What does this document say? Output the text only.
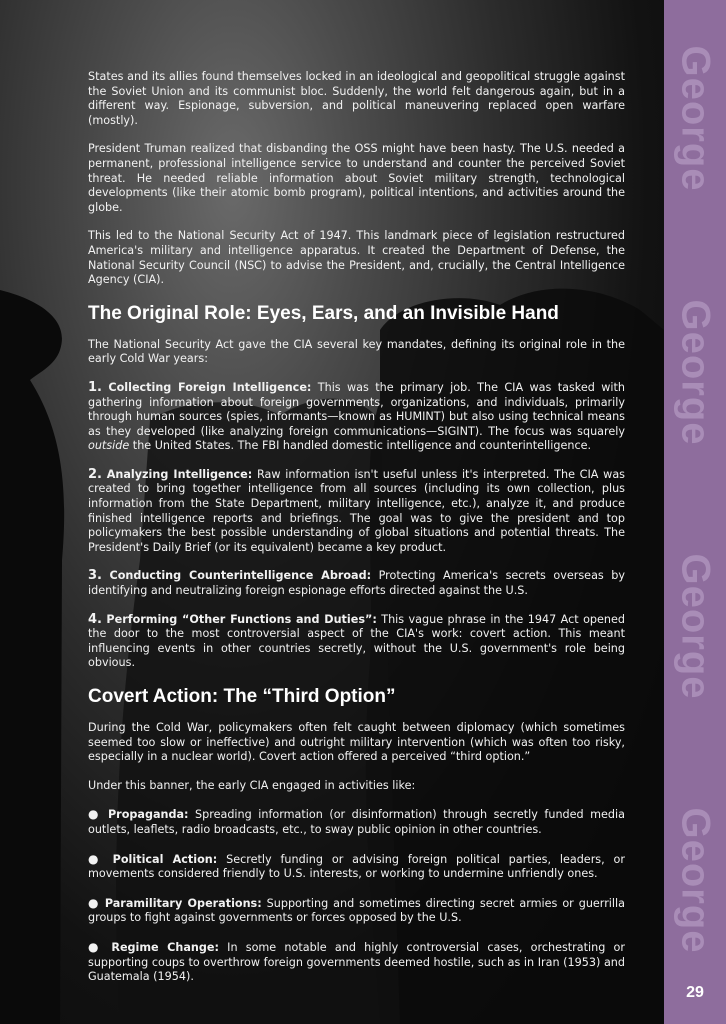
George
George
George
George
29

States and its allies found themselves locked in an ideological and geopolitical struggle against the Soviet Union and its communist bloc. Suddenly, the world felt dangerous again, but in a different way. Espionage, subversion, and political maneuvering replaced open warfare (mostly).

President Truman realized that disbanding the OSS might have been hasty. The U.S. needed a permanent, professional intelligence service to understand and counter the perceived Soviet threat. He needed reliable information about Soviet military strength, technological developments (like their atomic bomb program), political intentions, and activities around the globe.

This led to the National Security Act of 1947. This landmark piece of legislation restructured America's military and intelligence apparatus. It created the Department of Defense, the National Security Council (NSC) to advise the President, and, crucially, the Central Intelligence Agency (CIA).

The Original Role: Eyes, Ears, and an Invisible Hand

The National Security Act gave the CIA several key mandates, defining its original role in the early Cold War years:

1. Collecting Foreign Intelligence: This was the primary job. The CIA was tasked with gathering information about foreign governments, organizations, and individuals, primarily through human sources (spies, informants—known as HUMINT) but also using technical means as they developed (like analyzing foreign communications—SIGINT). The focus was squarely outside the United States. The FBI handled domestic intelligence and counterintelligence.

2. Analyzing Intelligence: Raw information isn't useful unless it's interpreted. The CIA was created to bring together intelligence from all sources (including its own collection, plus information from the State Department, military intelligence, etc.), analyze it, and produce finished intelligence reports and briefings. The goal was to give the president and top policymakers the best possible understanding of global situations and potential threats. The President's Daily Brief (or its equivalent) became a key product.

3. Conducting Counterintelligence Abroad: Protecting America's secrets overseas by identifying and neutralizing foreign espionage efforts directed against the U.S.

4. Performing “Other Functions and Duties”: This vague phrase in the 1947 Act opened the door to the most controversial aspect of the CIA's work: covert action. This meant influencing events in other countries secretly, without the U.S. government's role being obvious.

Covert Action: The “Third Option”

During the Cold War, policymakers often felt caught between diplomacy (which sometimes seemed too slow or ineffective) and outright military intervention (which was often too risky, especially in a nuclear world). Covert action offered a perceived “third option.”

Under this banner, the early CIA engaged in activities like:

● Propaganda: Spreading information (or disinformation) through secretly funded media outlets, leaflets, radio broadcasts, etc., to sway public opinion in other countries.

● Political Action: Secretly funding or advising foreign political parties, leaders, or movements considered friendly to U.S. interests, or working to undermine unfriendly ones.

● Paramilitary Operations: Supporting and sometimes directing secret armies or guerrilla groups to fight against governments or forces opposed by the U.S.

● Regime Change: In some notable and highly controversial cases, orchestrating or supporting coups to overthrow foreign governments deemed hostile, such as in Iran (1953) and Guatemala (1954).
